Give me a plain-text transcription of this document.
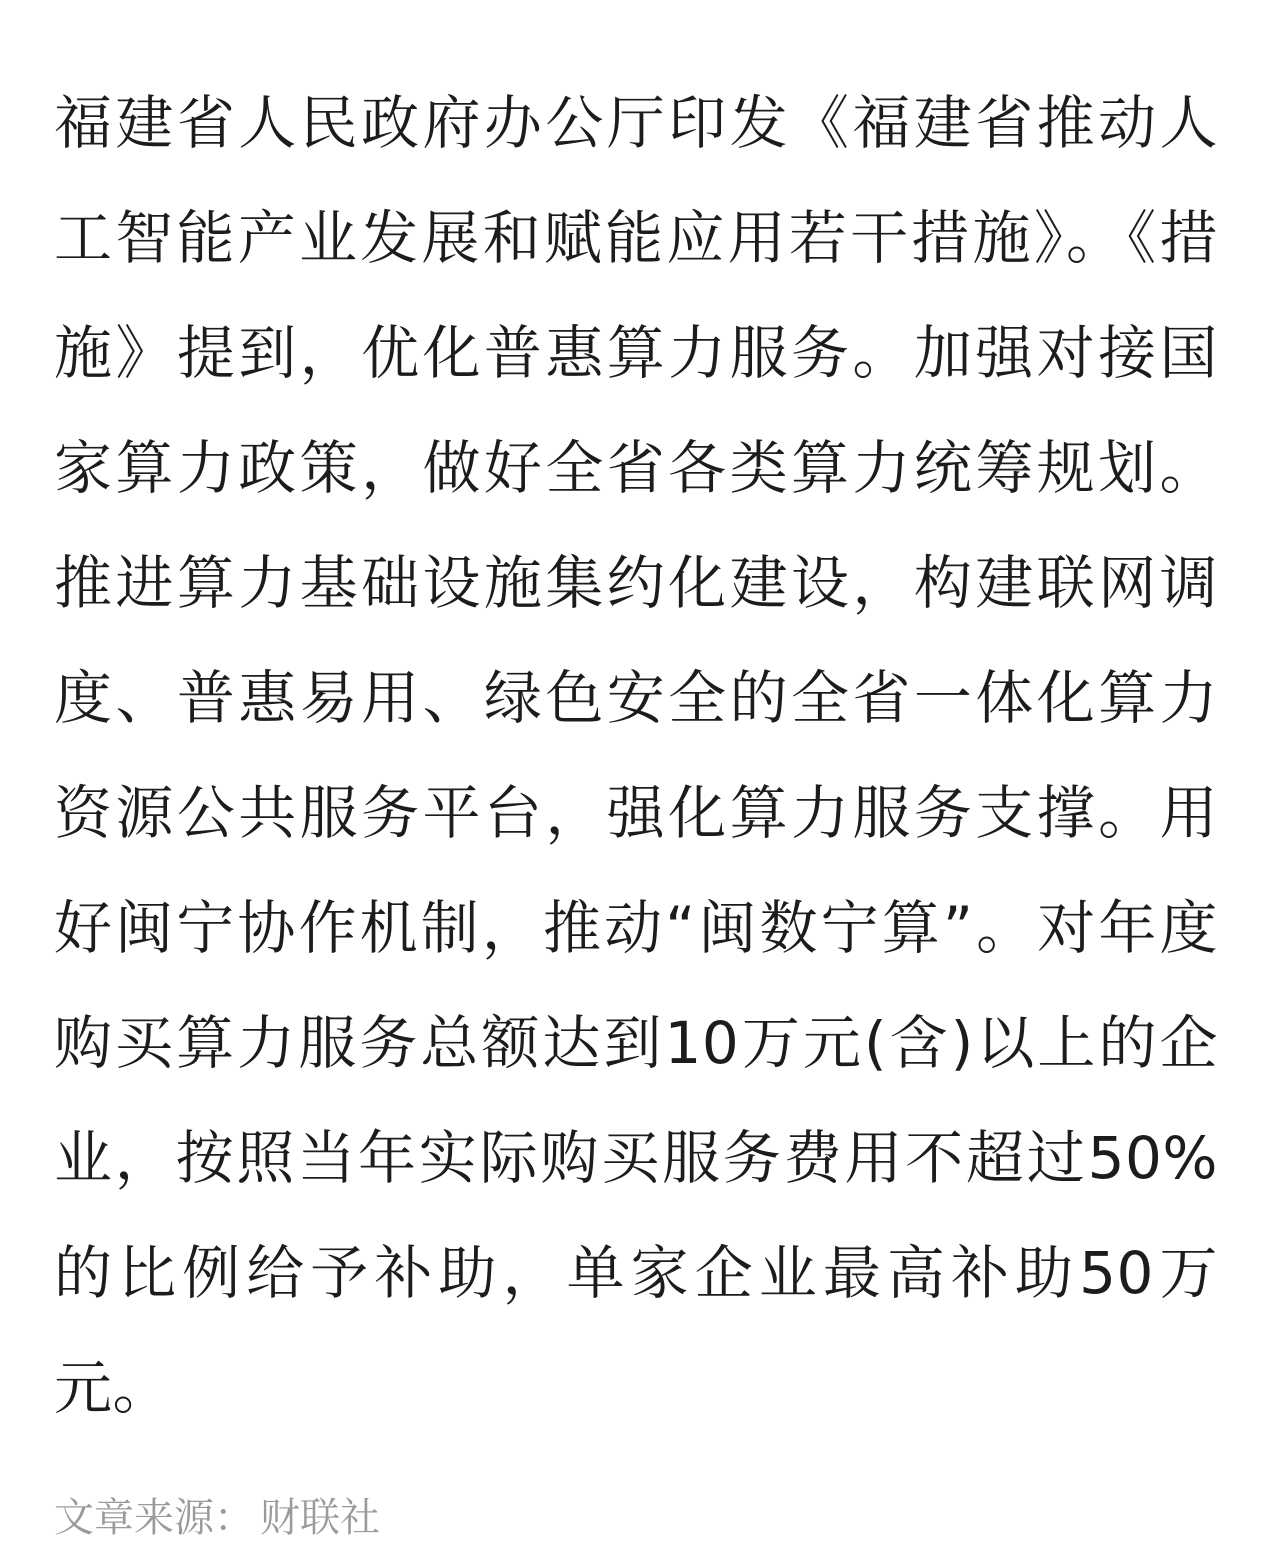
福建省人民政府办公厅印发《福建省推动人工智能产业发展和赋能应用若干措施》。《措施》提到，优化普惠算力服务。加强对接国家算力政策，做好全省各类算力统筹规划。推进算力基础设施集约化建设，构建联网调度、普惠易用、绿色安全的全省一体化算力资源公共服务平台，强化算力服务支撑。用好闽宁协作机制，推动“闽数宁算”。对年度购买算力服务总额达到10万元(含)以上的企业，按照当年实际购买服务费用不超过50%的比例给予补助，单家企业最高补助50万元。

文章来源： 财联社
